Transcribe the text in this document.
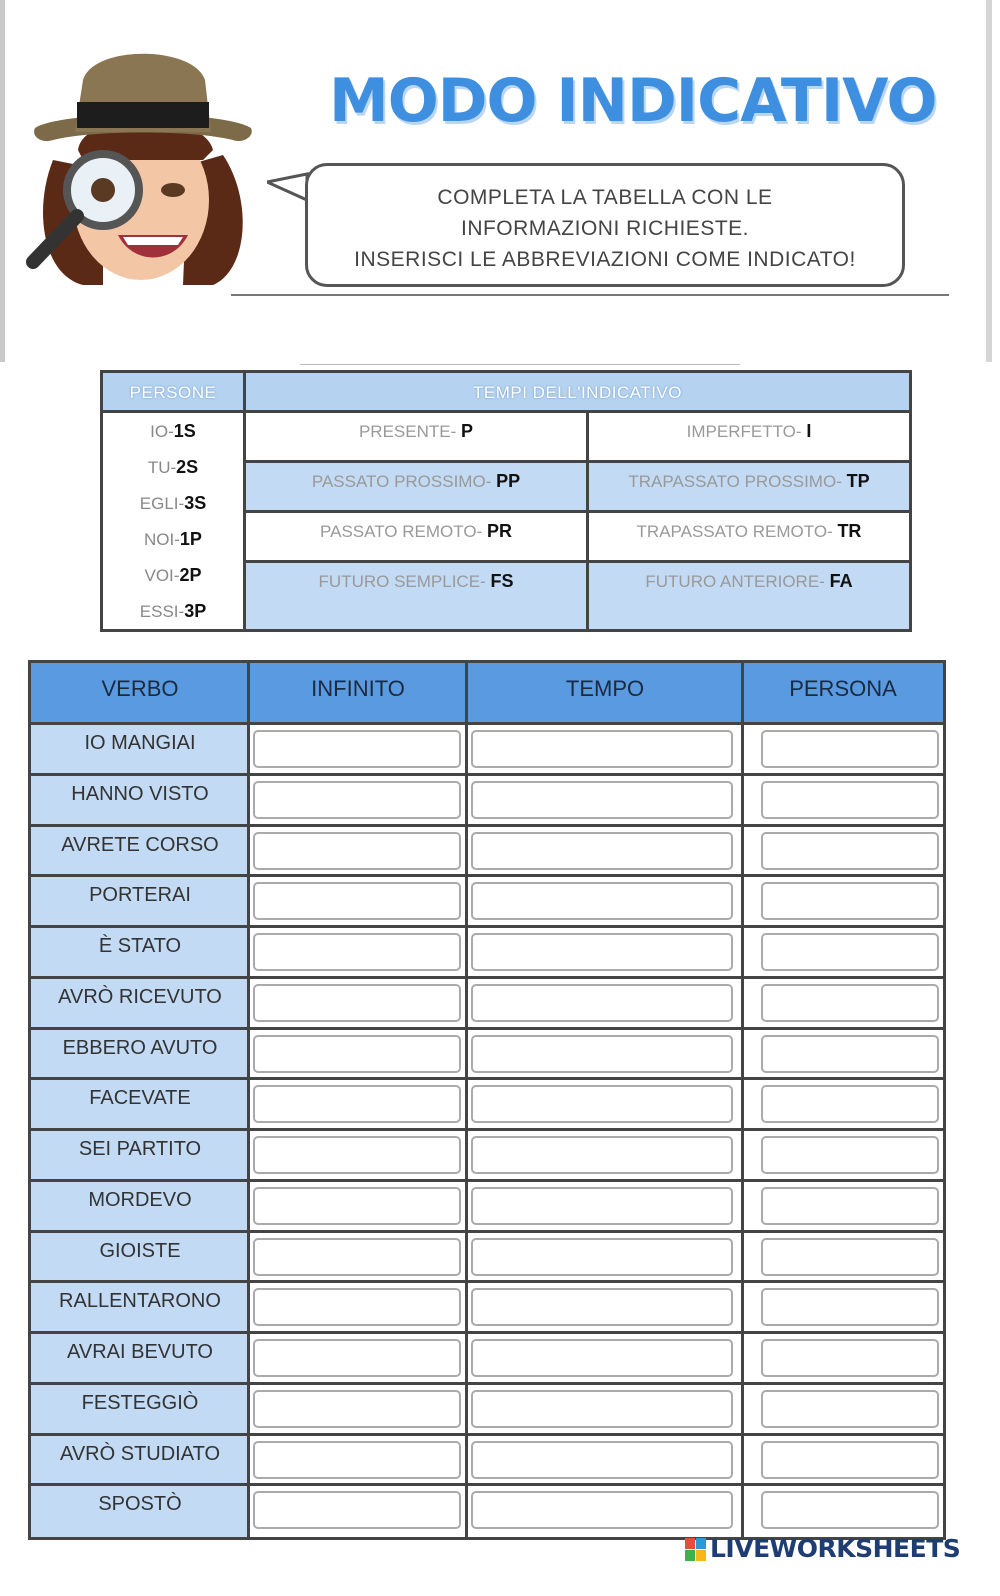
MODO INDICATIVO
COMPLETA LA TABELLA CON LE
INFORMAZIONI RICHIESTE.
INSERISCI LE ABBREVIAZIONI COME INDICATO!
PERSONE	TEMPI DELL'INDICATIVO
IO-1S
TU-2S
EGLI-3S
NOI-1P
VOI-2P
ESSI-3P
PRESENTE- P	IMPERFETTO- I
PASSATO PROSSIMO- PP	TRAPASSATO PROSSIMO- TP
PASSATO REMOTO- PR	TRAPASSATO REMOTO- TR
FUTURO SEMPLICE- FS	FUTURO ANTERIORE- FA
VERBO	INFINITO	TEMPO	PERSONA
IO MANGIAI
HANNO VISTO
AVRETE CORSO
PORTERAI
È STATO
AVRÒ RICEVUTO
EBBERO AVUTO
FACEVATE
SEI PARTITO
MORDEVO
GIOISTE
RALLENTARONO
AVRAI BEVUTO
FESTEGGIÒ
AVRÒ STUDIATO
SPOSTÒ
LIVEWORKSHEETS
